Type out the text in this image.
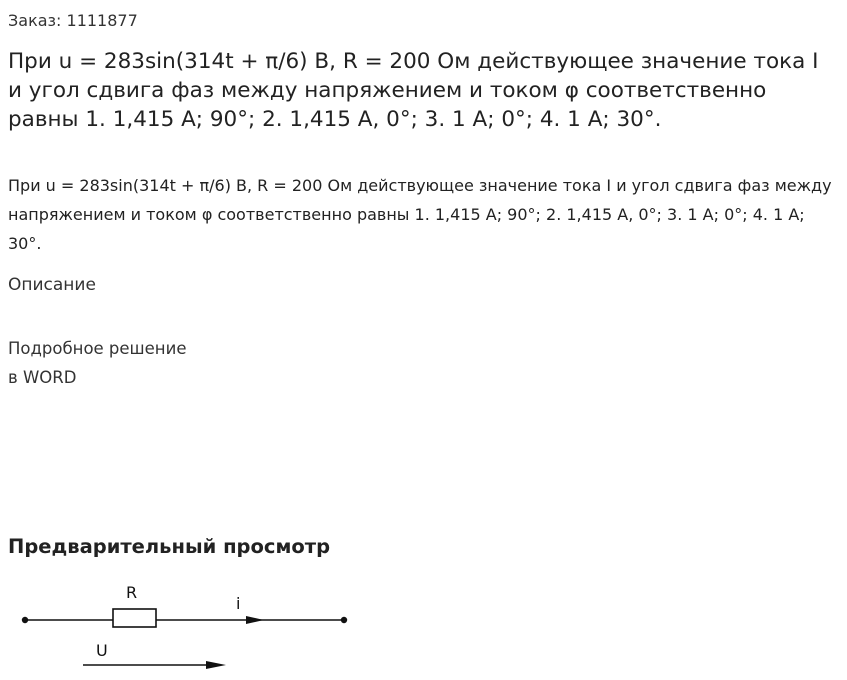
Заказ: 1111877
При u = 283sin(314t + π/6) В, R = 200 Ом действующее значение тока I и угол сдвига фаз между напряжением и током φ соответственно равны 1. 1,415 А; 90°; 2. 1,415 А, 0°; 3. 1 А; 0°; 4. 1 А; 30°.

При u = 283sin(314t + π/6) В, R = 200 Ом действующее значение тока I и угол сдвига фаз между напряжением и током φ соответственно равны 1. 1,415 А; 90°; 2. 1,415 А, 0°; 3. 1 А; 0°; 4. 1 А; 30°.

Описание
Подробное решение
в WORD
Предварительный просмотр
R
i
U
